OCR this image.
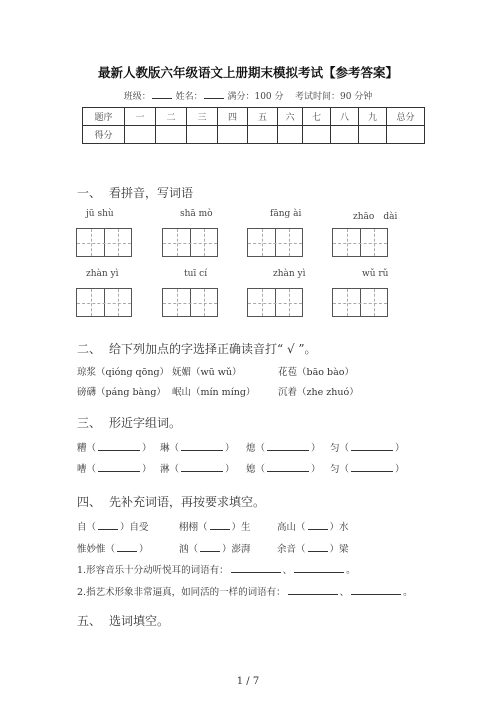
最新人教版六年级语文上册期末模拟考试【参考答案】
班级：	姓名：	满分：100 分 考试时间：90 分钟
题序	一	二	三	四	五	六	七	八	九	总分
得分										
一、 看拼音，写词语
jū shù	shā mò	fāng ài	zhāo　dài
zhàn yì	tuī cí	zhàn yì	wǔ rǔ
二、 给下列加点的字选择正确读音打“ √ ”。
琼浆（qióng qōng） 妩媚（wū wǔ）	花苞（bāo bào）
磅礴（páng bàng） 岷山（mín míng） 沉着（zhe zhuó）
三、 形近字组词。
糟（	） 琳（	） 熄（	） 匀（	）
嘈（	） 淋（	） 媳（	） 匀（	）
四、 先补充词语，再按要求填空。
自（	）自受	栩栩（	）生	高山（	）水
惟妙惟（	）	汹（	）澎湃	余音（	）梁
1.形容音乐十分动听悦耳的词语有：	、	。
2.指艺术形象非常逼真，如同活的一样的词语有：	、	。
五、 选词填空。
1 / 7
